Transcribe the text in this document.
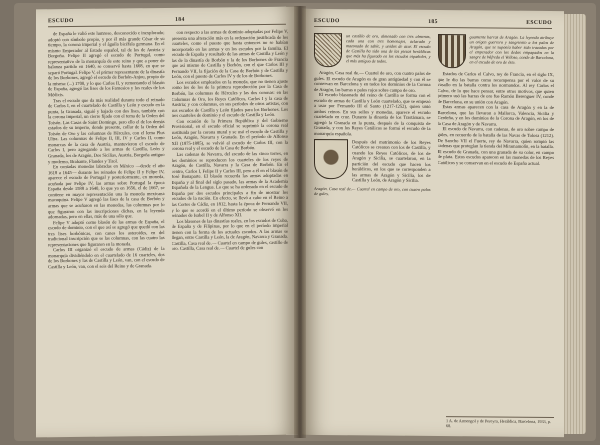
ESCUDO	184

de España le valió este lumroso, desconocido e inexplorado; adoptó con símbolo propio, y por él más grande César de su tiempo, la corona imperial y el águila bicéfala germana. En el mismo Emperador al Estado español, tal de los de Austria y Borgoña. Felipe II agregó el escudo de Portugal, como representativo de la monarquía de este reino y que a poner de balanza partido en 1640, se conservó hasta 1668, en que se separó Portugal. Felipe V, el primer representante de la dinastía de los Borbones, agregó el escudo de Borbón-Anjou, propio de la misma: (...) 1700, y lo que Carlos II, y remontando el blasón de España, agregó las lises de los Farnesios y los reales de los Médicis.

Tras el escudo que da más realidad durante todo el reinado de Carlos I, en el cuartelado de Castilla y León y escudo en la punta, la Granada, siguió y bajado con dos lises, también con la corona imperial, un cierre fijado con el tema de la Orden del Toisón. Las Casas de Saint Domingo, pero ello el de los demás estados de su imperio, donde presente, collar de la Orden del Toisón de Oro y las columnas de Hércules, con el lema Plus Ultra. Las columnas de Felipe II, III, IV y Carlos II, como monarcas de la casa de Austria, mantuvieron el escudo de Carlos I, pero agregando a los armas de Castilla, León y Granada, los de Aragón, Dos Sicilias, Austria, Borgoña antiguo y moderno, Brabante, Flandes y Tirol.

En contadas monedas labradas en México —desde el año 1618 a 1645— durante los reinados de Felipe II y Felipe IV, aparece el escudo de Portugal y posteriormente, en moneda, acuñada por Felipe IV, las armas sobre Portugal la época España desde 1588 a 1640, lo que ya en 1656, el de 1667, se contiene en mayor representación una la moneda mexicana macuquina. Felipe V agregó las lises de la casa de Borbón y armas que se acuñaron en las monedas, las columnas por lo que figuraron con las inscripciones dichas, en la leyenda adornadas, pero en ellas, más de una sólo que.

Felipe V adoptó como blasón de las armas de España, el escudo de dominio, con el que así se agregó que quedó con las tres lises borbónicas, con canes los asteroides, en del tradicional inscripción que se las columnas, con las cuatro las representaciones que figuraron en la moneda.

Carlos III organizó el escudo de armas (Cádiz) de la monarquía dividiéndolo en el cuartelado de 16 cuarteles, dos de los Borbones y las de Castilla y León, van, con el escudo de Castilla y León, van, con el seis del Reino y de Granada.

con respecto a las armas de dominio adoptadas por Felipe V, presenta una alteración más en la ordenación justificada de los cuarteles, como el puesto que hasta entonces no se habían incorporado en las armas y en los escudos por la familia. El escudo de España y resultado de las armas de Castilla y León y las de la dinastía de Borbón y la de los Borbones de Francia que así mismo de Castilla y Borbón, con el que Carlos III y Fernando VII, la fijación de la Casa de Borbón y de Castilla y León, con el puesto de Carlos IV y de los de Borbones.

Los escudos empleados en la moneda, que no tienen ajuste como los de los de la primera reproducción por la Casa de Borbón, las columnas de Hércules y las dos coronas: en las Columnas de Oro, los Reyes Católicos, Carlos I y la casa de Austria; y con columnas, en sus períodos de otros artistas, con sus escudos de Castilla y León fijados para los Borbones. Los tres cuarteles de dominio y el escudo de Castilla y León.

Con ocasión de la Primera República y del Gobierno Provisional, en el escudo oficial se suprimió la corona real sustituida por la corona mural y se usó el escudo de Castilla y León, Aragón, Navarra y Granada. En el período de Alfonso XII (1875-1885), se volvió al escudo de Carlos III, con la corona real y el escudo de la Casa de Borbón.

Las cadenas de Navarra, del escudo de las cinco torres, en los dominios se reproducen los cuarteles de los reyes de Aragón, de Castilla, Navarra y la Casa de Borbón. En el centro, Carlos I, Felipe II y Carlos III, pero a él en el blasón de José Bonaparte. El blasón recuerda las armas adoptadas en España y al final del siglo pasado, las armas de la Academia Española de la Lengua. Lo que se ha ordenado en el escudo de España por dos escudos principales a fin de mostrar los escudos de la nación. En efecto, se llevó a cabo en el Reino a las Cortes de Cádiz, en 1812, hasta la época de Fernando VII, y lo que se acordó en el último período se observó en los reinados de Isabel II y de Alfonso XII.

Los blasones de las dinastías reales, en los escudos de Cuba, de España y de Filipinas, por lo que en el período imperial tienen con la forma de los actuales escudos. A las armas se llegan, entre Castilla y León, la de Aragón, Navarra y Granada. Castilla, Casa real de.— Cuartel en campo de gules, castillo de oro. Castilla, Casa real de.— Cuartel de gules con

ESCUDO	185	ESCUDO
un castillo de oro, almenado con tres almenas, cada una con tres homenajes, aclarado y mazonado de sable, y unidos de azur. El escudo de Castilla ha sido una de las piezas heráldicas que más ha figurado en los escudos españoles, y el más antiguo de todos.

Aragón, Casa real de.— Cuartel de oro, con cuatro palos de gules. El escudo de Aragón es de gran antigüedad y con él se conservan en Barcelona y en todos los dominios de la Corona de Aragón, las barras o palos rojos sobre campo de oro.

El escudo blasonado del reino de Castilla se forma con el escudo de armas de Castilla y León cuartelado, que se empezó a usar por Fernando III el Santo (1217-1252), quien unió ambos reinos. En sus sellos y monedas, aparece el escudo cuartelado en cruz. Durante la dinastía de los Trastámara, se agregó la Granada en la punta, después de la conquista de Granada, y con los Reyes Católicos se formó el escudo de la monarquía española.

Después del matrimonio de los Reyes Católicos se crearon con los de Castilla, y cuando los Reyes Católicos, de los de Aragón y Sicilia, se cuartelaron, en la partición del escudo que hacen los heráldicos, en los que se corresponden a las armas de Aragón y Sicilia, los de Castilla y León, de Aragón y Sicilia.
Aragón. Casa real de.— Cuartel en campo de oro, con cuatro palos de gules.
guamente barras de Aragón. La leyenda atribuye un origen guerrero y sangriento a los palos de Aragón, que se suponía haber sido trazados por el emperador con los dedos empapados en la sangre de Wifredo el Velloso, conde de Barcelona, en el escudo de oro de éste.

Estados de Carlos el Calvo, rey de Francia, en el siglo IX, que le dio las barras como recompensa por el valor de su vasallo en la batalla contra los normandos. Al rey Carlos el Calvo, de lo que hace pensar, entre otros motivos, que quien primero usó las barras de oro fue Ramón Berenguer IV, conde de Barcelona, en su unión con Aragón.

Estas armas aparecen con la casa de Aragón y en la de Barcelona, que las llevaron a Mallorca, Valencia, Sicilia y Cerdeña, y en los dominios de la Corona de Aragón, en los de la Casa de Aragón y de Navarra.

El escudo de Navarra, con cadenas, de oro sobre campo de gules, en recuerdo de la batalla de las Navas de Tolosa (1212). De Sancho VII el Fuerte, rey de Navarra, quien rompió las cadenas que protegían la tienda del Miramamolín, en la batalla. El escudo de Granada, con una granada de su color, en campo de plata. Estos escudos aparecen en las monedas de los Reyes Católicos y se conservan en el escudo de España actual.

1 A. de Armengol y de Pereyra, Heráldica, Barcelona, 1933, p. 68.
